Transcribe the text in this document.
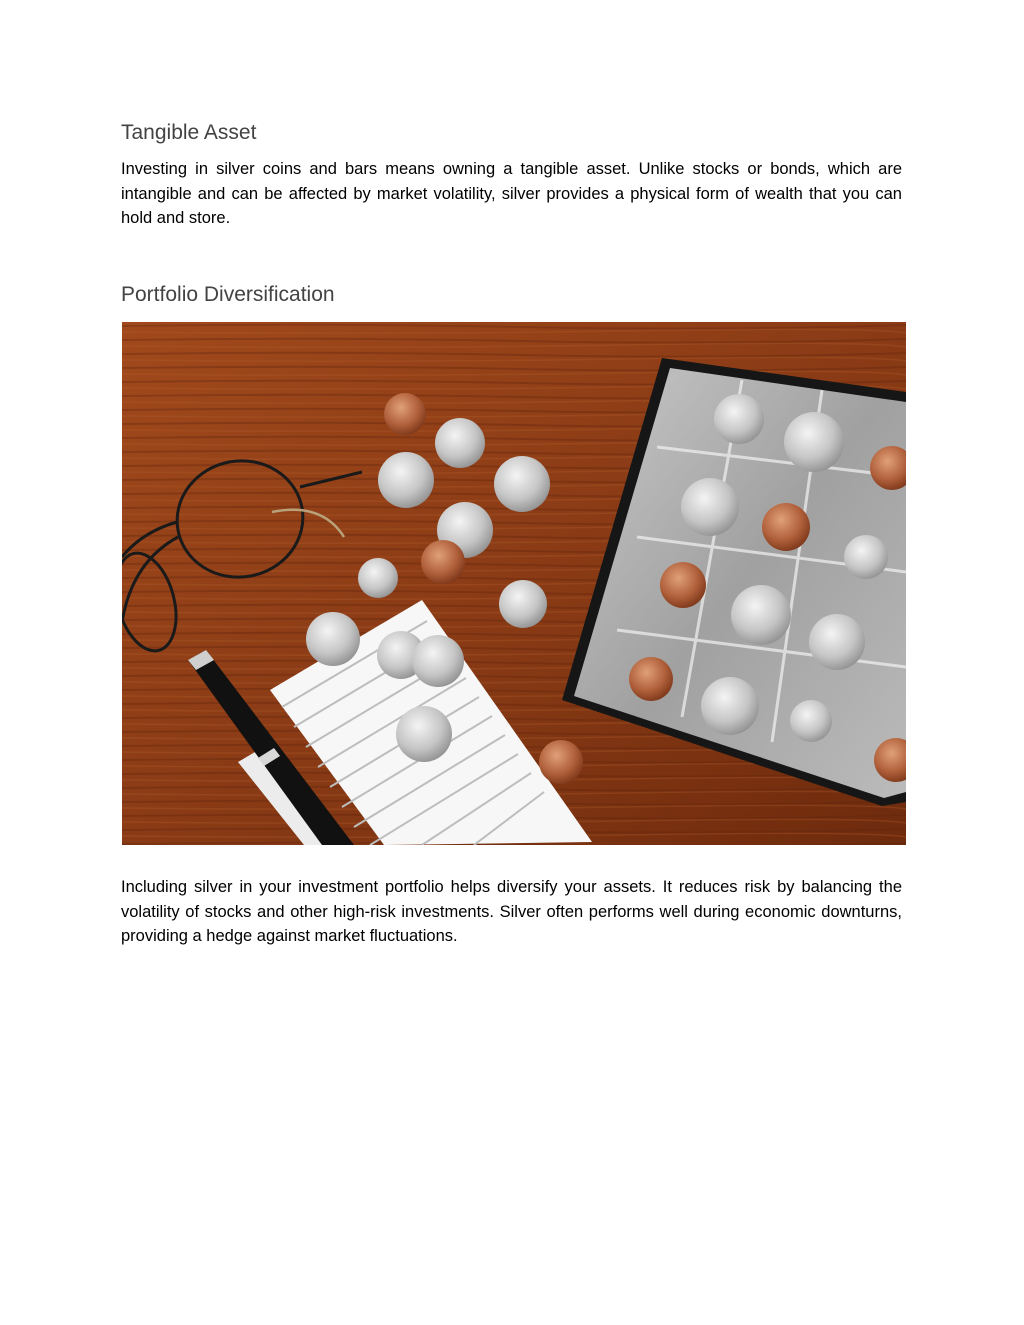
Tangible Asset

Investing in silver coins and bars means owning a tangible asset. Unlike stocks or bonds, which are intangible and can be affected by market volatility, silver provides a physical form of wealth that you can hold and store.

Portfolio Diversification

Including silver in your investment portfolio helps diversify your assets. It reduces risk by balancing the volatility of stocks and other high-risk investments. Silver often performs well during economic downturns, providing a hedge against market fluctuations.
